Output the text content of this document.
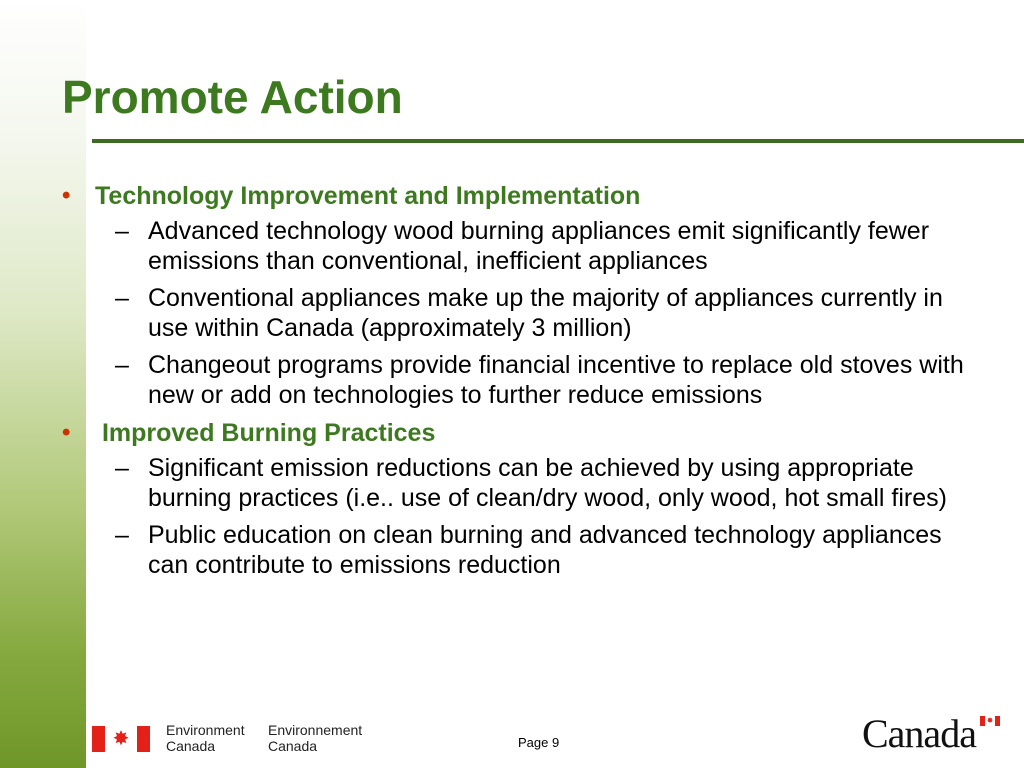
Promote Action
• Technology Improvement and Implementation
– Advanced technology wood burning appliances emit significantly fewer emissions than conventional, inefficient appliances
– Conventional appliances make up the majority of appliances currently in use within Canada (approximately 3 million)
– Changeout programs provide financial incentive to replace old stoves with new or add on technologies to further reduce emissions
• Improved Burning Practices
– Significant emission reductions can be achieved by using appropriate burning practices (i.e.. use of clean/dry wood, only wood, hot small fires)
– Public education on clean burning and advanced technology appliances can contribute to emissions reduction
✸	Environment
Canada
Environnement
Canada	Page 9	Canada ✸
